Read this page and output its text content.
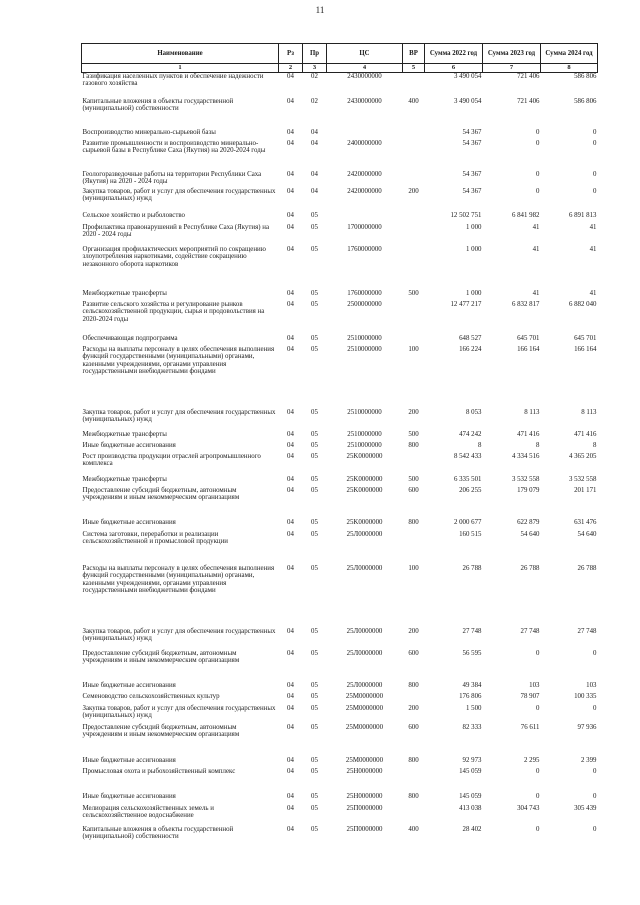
11
Наименование	Рз	Пр	ЦС	ВР	Сумма 2022 год	Сумма 2023 год	Сумма 2024 год
1	2	3	4	5	6	7	8
Газификация населенных пунктов и обеспечение надежности газового хозяйства	04	02	2430000000		3 490 054	721 406	586 806
Капитальные вложения в объекты государственной (муниципальной) собственности	04	02	2430000000	400	3 490 054	721 406	586 806
Воспроизводство минерально-сырьевой базы	04	04			54 367	0	0
Развитие промышленности и воспроизводство минерально-сырьевой базы в Республике Саха (Якутия) на 2020-2024 годы	04	04	2400000000		54 367	0	0
Геологоразведочные работы на территории Республики Саха (Якутия) на 2020 - 2024 годы	04	04	2420000000		54 367	0	0
Закупка товаров, работ и услуг для обеспечения государственных (муниципальных) нужд	04	04	2420000000	200	54 367	0	0
Сельское хозяйство и рыболовство	04	05			12 502 751	6 841 982	6 891 813
Профилактика правонарушений в Республике Саха (Якутия) на 2020 - 2024 годы	04	05	1700000000		1 000	41	41
Организация профилактических мероприятий по сокращению злоупотребления наркотиками, содействие сокращению незаконного оборота наркотиков	04	05	1760000000		1 000	41	41
Межбюджетные трансферты	04	05	1760000000	500	1 000	41	41
Развитие сельского хозяйства и регулирование рынков сельскохозяйственной продукции, сырья и продовольствия на 2020-2024 годы	04	05	2500000000		12 477 217	6 832 817	6 882 040
Обеспечивающая подпрограмма	04	05	2510000000		648 527	645 701	645 701
Расходы на выплаты персоналу в целях обеспечения выполнения функций государственными (муниципальными) органами, казенными учреждениями, органами управления государственными внебюджетными фондами	04	05	2510000000	100	166 224	166 164	166 164
Закупка товаров, работ и услуг для обеспечения государственных (муниципальных) нужд	04	05	2510000000	200	8 053	8 113	8 113
Межбюджетные трансферты	04	05	2510000000	500	474 242	471 416	471 416
Иные бюджетные ассигнования	04	05	2510000000	800	8	8	8
Рост производства продукции отраслей агропромышленного комплекса	04	05	25K0000000		8 542 433	4 334 516	4 365 205
Межбюджетные трансферты	04	05	25K0000000	500	6 335 501	3 532 558	3 532 558
Предоставление субсидий бюджетным, автономным учреждениям и иным некоммерческим организациям	04	05	25K0000000	600	206 255	179 079	201 171
Иные бюджетные ассигнования	04	05	25K0000000	800	2 000 677	622 879	631 476
Система заготовки, переработки и реализации сельскохозяйственной и промысловой продукции	04	05	25Л0000000		160 515	54 640	54 640
Расходы на выплаты персоналу в целях обеспечения выполнения функций государственными (муниципальными) органами, казенными учреждениями, органами управления государственными внебюджетными фондами	04	05	25Л0000000	100	26 788	26 788	26 788
Закупка товаров, работ и услуг для обеспечения государственных (муниципальных) нужд	04	05	25Л0000000	200	27 748	27 748	27 748
Предоставление субсидий бюджетным, автономным учреждениям и иным некоммерческим организациям	04	05	25Л0000000	600	56 595	0	0
Иные бюджетные ассигнования	04	05	25Л0000000	800	49 384	103	103
Семеноводство сельскохозяйственных культур	04	05	25M0000000		176 806	78 907	100 335
Закупка товаров, работ и услуг для обеспечения государственных (муниципальных) нужд	04	05	25M0000000	200	1 500	0	0
Предоставление субсидий бюджетным, автономным учреждениям и иным некоммерческим организациям	04	05	25M0000000	600	82 333	76 611	97 936
Иные бюджетные ассигнования	04	05	25M0000000	800	92 973	2 295	2 399
Промысловая охота и рыбохозяйственный комплекс	04	05	25H0000000		145 059	0	0
Иные бюджетные ассигнования	04	05	25H0000000	800	145 059	0	0
Мелиорация сельскохозяйственных земель и сельскохозяйственное водоснабжение	04	05	25П0000000		413 038	304 743	305 439
Капитальные вложения в объекты государственной (муниципальной) собственности	04	05	25П0000000	400	28 402	0	0
